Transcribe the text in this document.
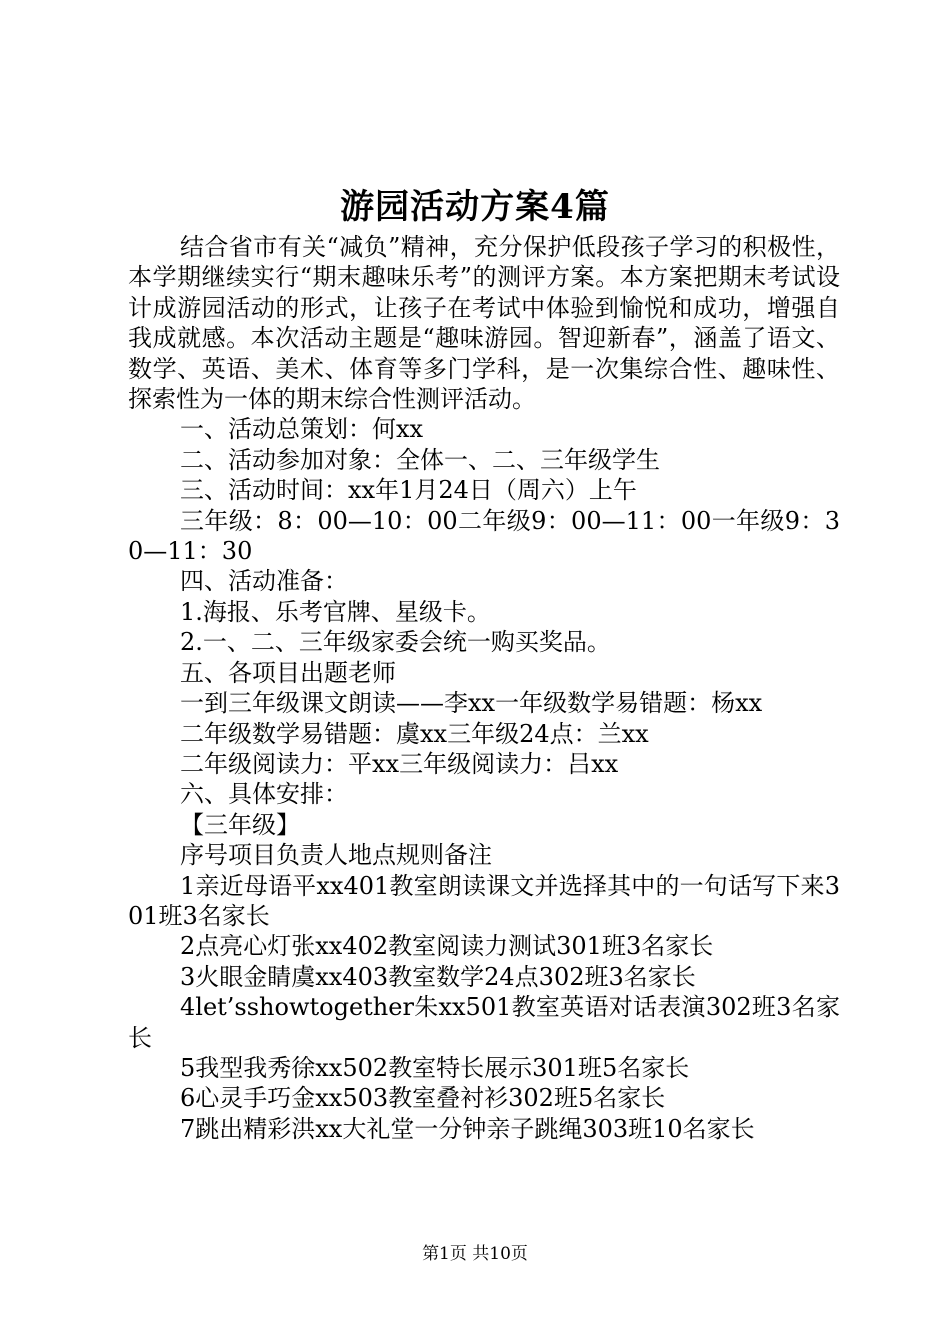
游园活动方案4篇

结合省市有关“减负”精神，充分保护低段孩子学习的积极性，本学期继续实行“期末趣味乐考”的测评方案。本方案把期末考试设计成游园活动的形式，让孩子在考试中体验到愉悦和成功，增强自我成就感。本次活动主题是“趣味游园。智迎新春”，涵盖了语文、数学、英语、美术、体育等多门学科，是一次集综合性、趣味性、探索性为一体的期末综合性测评活动。

一、活动总策划：何xx

二、活动参加对象：全体一、二、三年级学生

三、活动时间：xx年1月24日（周六）上午

三年级：8：00—10：00二年级9：00—11：00一年级9：30—11：30

四、活动准备：

1.海报、乐考官牌、星级卡。

2.一、二、三年级家委会统一购买奖品。

五、各项目出题老师

一到三年级课文朗读——李xx一年级数学易错题：杨xx

二年级数学易错题：虞xx三年级24点：兰xx

二年级阅读力：平xx三年级阅读力：吕xx

六、具体安排：

【三年级】

序号项目负责人地点规则备注

1亲近母语平xx401教室朗读课文并选择其中的一句话写下来301班3名家长

2点亮心灯张xx402教室阅读力测试301班3名家长

3火眼金睛虞xx403教室数学24点302班3名家长

4let’sshowtogether朱xx501教室英语对话表演302班3名家长

5我型我秀徐xx502教室特长展示301班5名家长

6心灵手巧金xx503教室叠衬衫302班5名家长

7跳出精彩洪xx大礼堂一分钟亲子跳绳303班10名家长

第1页 共10页
